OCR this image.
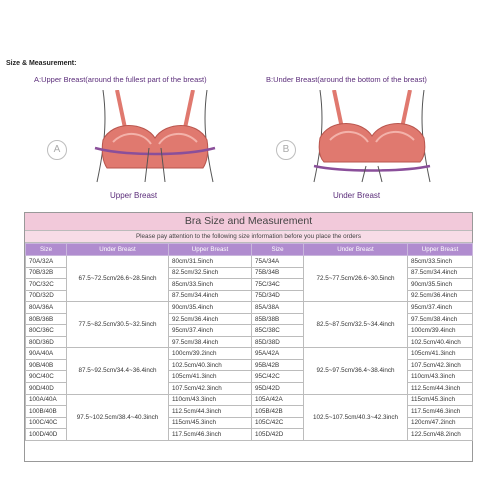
Size & Measurement:
A:Upper Breast(around the fullest part of the breast)	B:Under Breast(around the bottom of the breast)
A
Upper Breast
B
Under Breast
Bra Size and Measurement
Please pay attention to the following size information before you place the orders
Size	Under Breast	Upper Breast	Size	Under Breast	Upper Breast
70A/32A	67.5~72.5cm/26.6~28.5inch	80cm/31.5inch	75A/34A	72.5~77.5cm/26.6~30.5inch	85cm/33.5inch
70B/32B		82.5cm/32.5inch	75B/34B		87.5cm/34.4inch
70C/32C		85cm/33.5inch	75C/34C		90cm/35.5inch
70D/32D		87.5cm/34.4inch	75D/34D		92.5cm/36.4inch
80A/36A	77.5~82.5cm/30.5~32.5inch	90cm/35.4inch	85A/38A	82.5~87.5cm/32.5~34.4inch	95cm/37.4inch
80B/36B		92.5cm/36.4inch	85B/38B		97.5cm/38.4inch
80C/36C		95cm/37.4inch	85C/38C		100cm/39.4inch
80D/36D		97.5cm/38.4inch	85D/38D		102.5cm/40.4inch
90A/40A	87.5~92.5cm/34.4~36.4inch	100cm/39.2inch	95A/42A	92.5~97.5cm/36.4~38.4inch	105cm/41.3inch
90B/40B		102.5cm/40.3inch	95B/42B		107.5cm/42.3inch
90C/40C		105cm/41.3inch	95C/42C		110cm/43.3inch
90D/40D		107.5cm/42.3inch	95D/42D		112.5cm/44.3inch
100A/40A	97.5~102.5cm/38.4~40.3inch	110cm/43.3inch	105A/42A	102.5~107.5cm/40.3~42.3inch	115cm/45.3inch
100B/40B		112.5cm/44.3inch	105B/42B		117.5cm/46.3inch
100C/40C		115cm/45.3inch	105C/42C		120cm/47.2inch
100D/40D		117.5cm/46.3inch	105D/42D		122.5cm/48.2inch
